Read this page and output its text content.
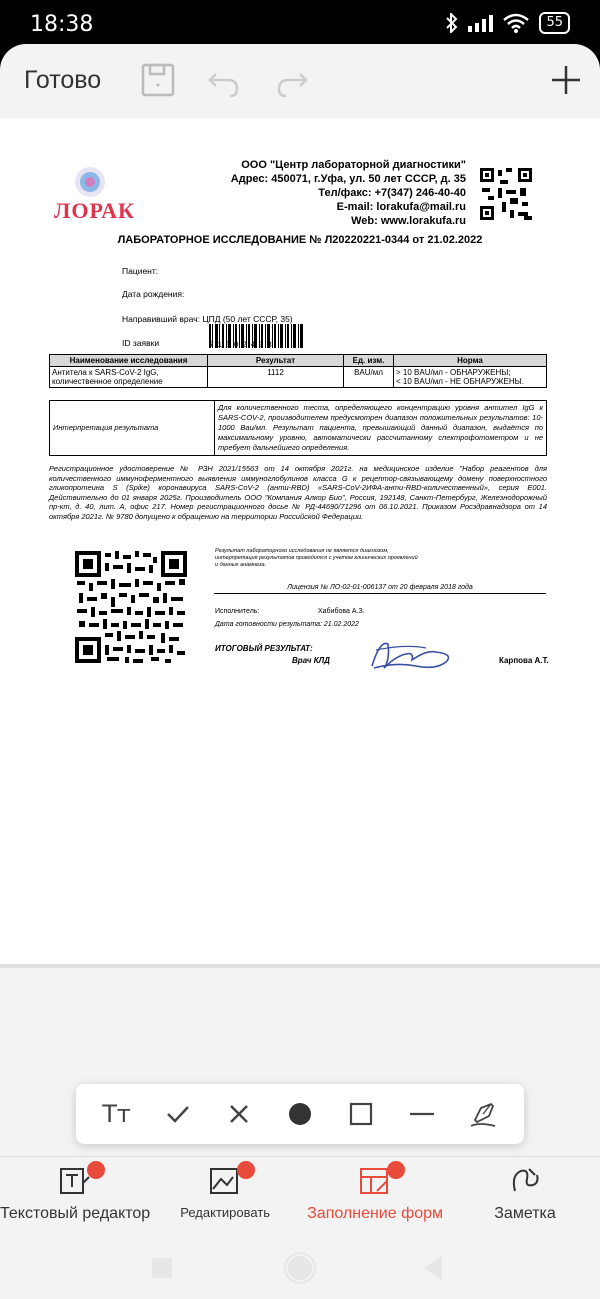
18:38	55
Готово
ЛОРАК
ООО "Центр лабораторной диагностики"
Адрес: 450071, г.Уфа, ул. 50 лет СССР, д. 35
Тел/факс: +7(347) 246-40-40
E-mail: lorakufa@mail.ru
Web: www.lorakufa.ru
ЛАБОРАТОРНОЕ ИССЛЕДОВАНИЕ № Л20220221-0344 от 21.02.2022
Пациент:
Дата рождения:
Направивший врач: ЦПД (50 лет СССР, 35)
ID заявки	71002433
Наименование исследования	Результат	Ед. изм.	Норма
Антитела к SARS-CoV-2 IgG, количественное определение	1112	BAU/мл	> 10 BAU/мл - ОБНАРУЖЕНЫ;
< 10 BAU/мл - НЕ ОБНАРУЖЕНЫ.
Интерпретация результата	Для количественного теста, определяющего концентрацию уровня антител IgG к SARS-COV-2, производителем предусмотрен диапазон положительных результатов: 10-1000 Bau/мл. Результат пациента, превышающий данный диапазон, выдаётся по максимальному уровню, автоматически рассчитанному спектрофотометром и не требует дальнейшего определения.
Регистрационное удостоверение № РЗН 2021/15563 от 14 октября 2021г. на медицинское изделие "Набор реагентов для количественного иммуноферментного выявления иммуноглобулинов класса G к рецептор-связывающему домену поверхностного гликопротеина S (Spike) коронавируса SARS-CoV-2 (анти-RBD) «SARS-CoV-2ИФА-анти-RBD-количественный», серия Е001. Действительно до 01 января 2025г. Производитель ООО "Компания Алкор Био", Россия, 192148, Санкт-Петербург, Железнодорожный пр-кт, д. 40, лит. А, офис 217. Номер регистрационного досье № РД-44690/71296 от 06.10.2021. Приказом Росздравнадзора от 14 октября 2021г. № 9780 допущено к обращению на территории Российской Федерации.
Результат лабораторного исследования не является диагнозом,
интерпретация результатов проводится с учетом клинических проявлений
и данных анамнеза.
Лицензия № ЛО-02-01-006137 от 20 февраля 2018 года
Исполнитель:	Хабибова А.З.
Дата готовности результата: 21.02.2022
ИТОГОВЫЙ РЕЗУЛЬТАТ:
Врач КЛД	Карпова А.Т.
Тт
Текстовый редактор Редактировать Заполнение форм	Заметка
